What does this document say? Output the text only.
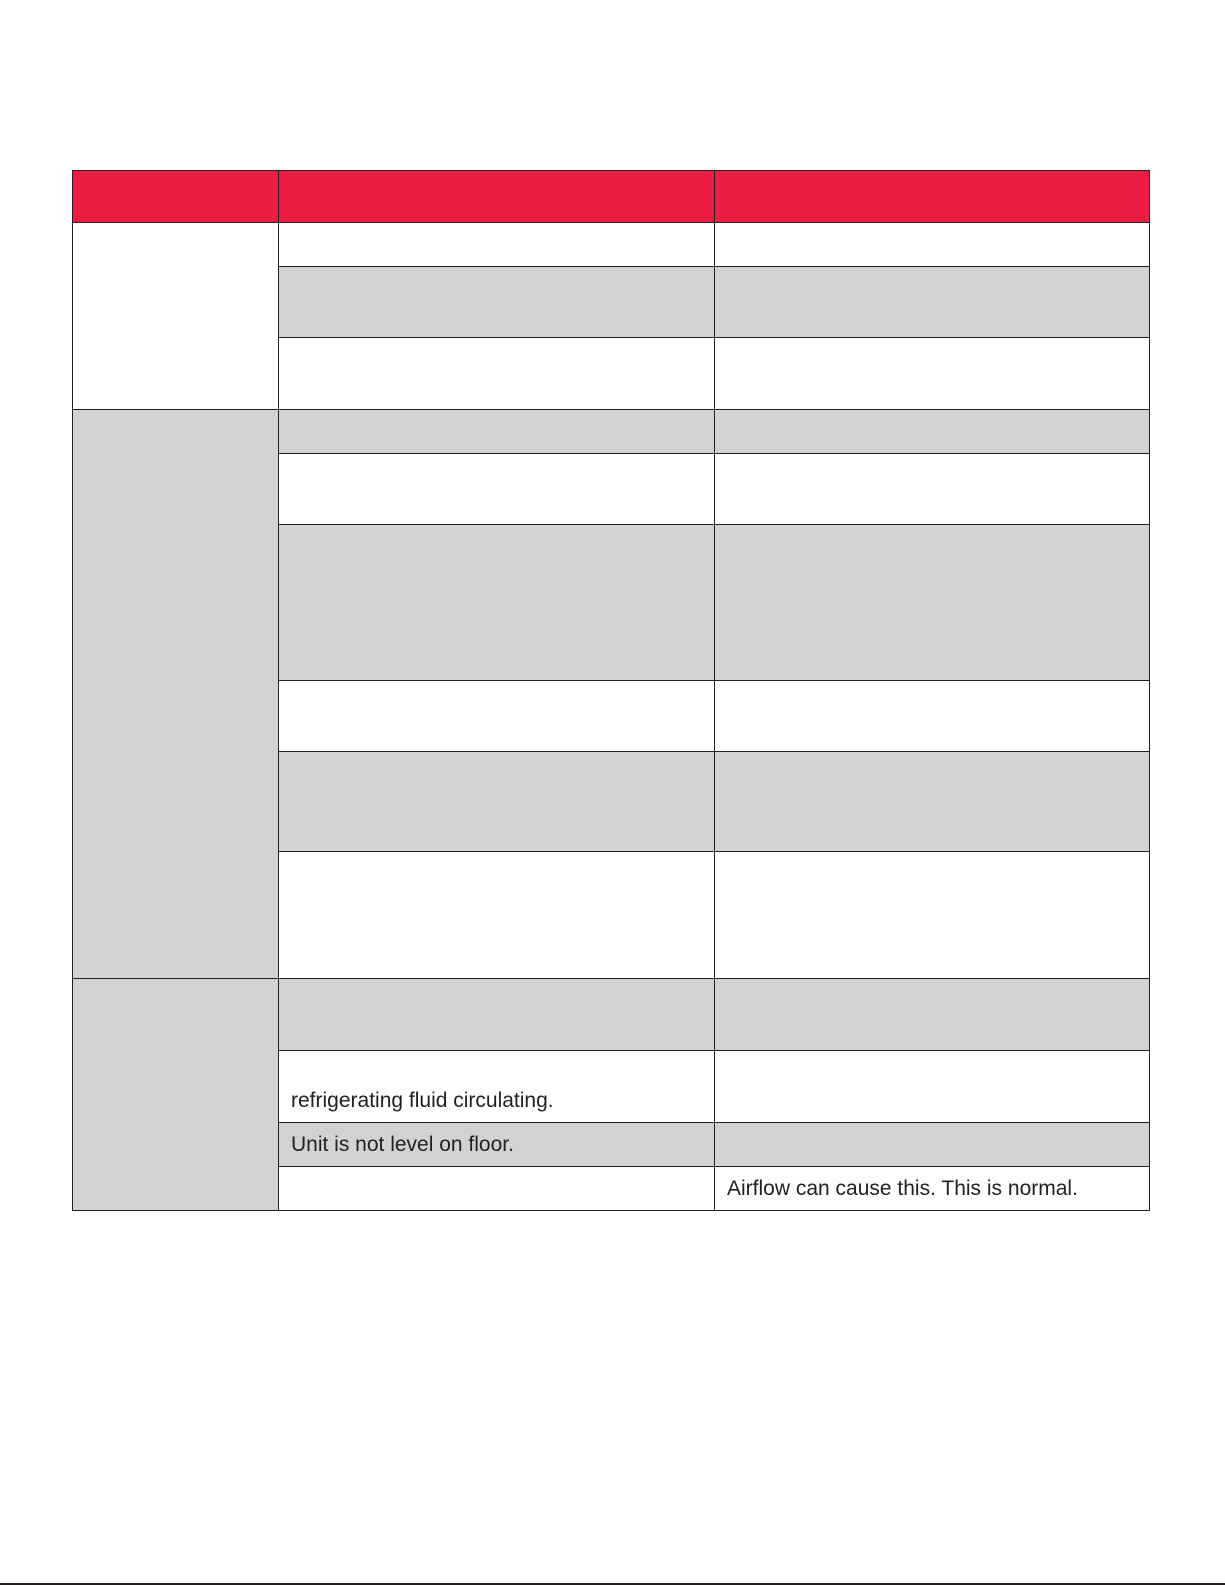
	refrigerating fluid circulating.	

	Unit is not level on floor.	

		Airflow can cause this. This is normal.
